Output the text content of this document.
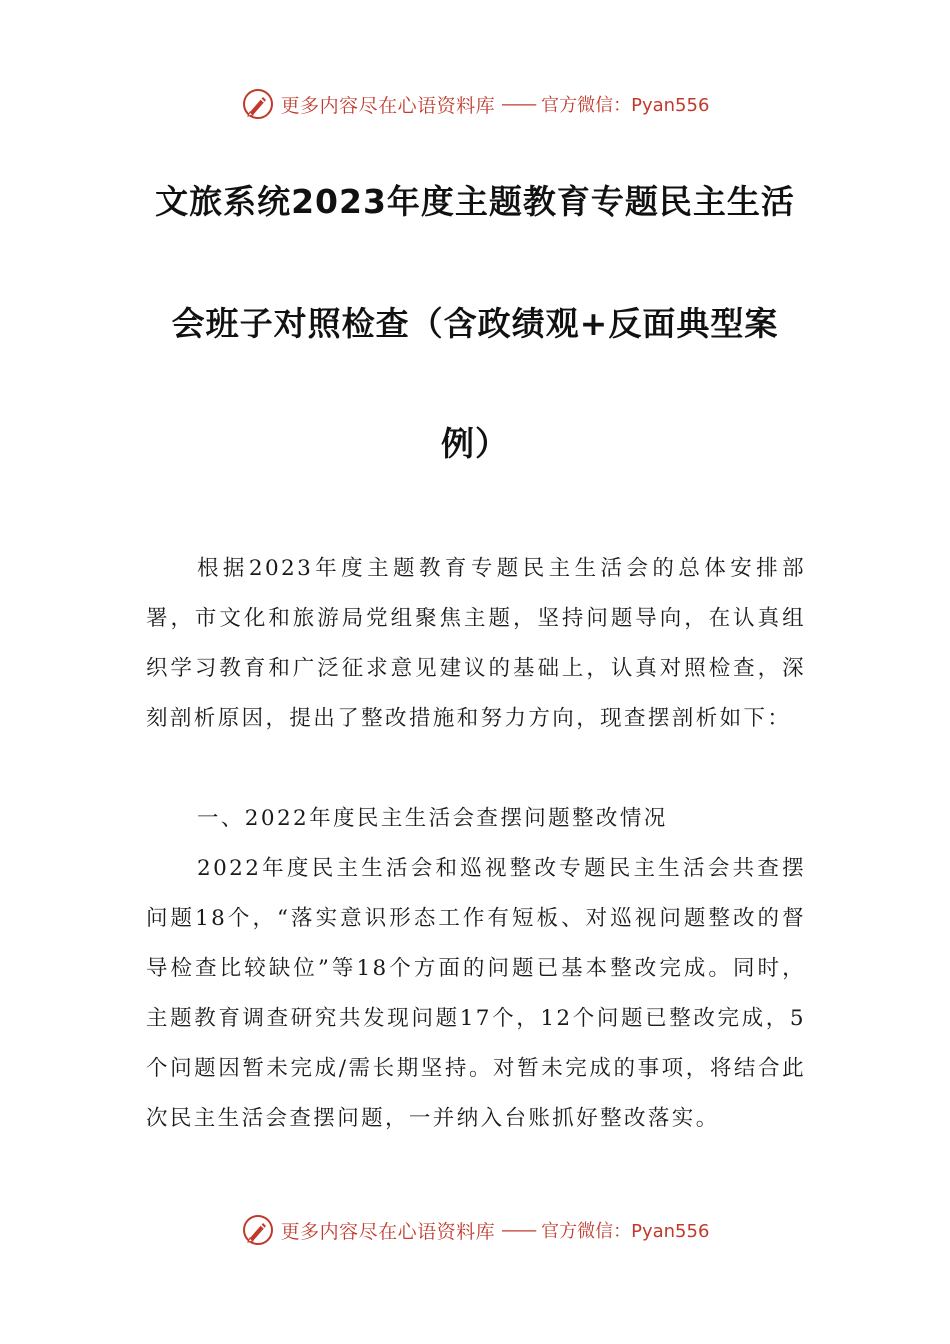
更多内容尽在心语资料库 —— 官方微信：Pyan556
文旅系统2023年度主题教育专题民主生活
会班子对照检查（含政绩观+反面典型案
例）

根据2023年度主题教育专题民主生活会的总体安排部署，市文化和旅游局党组聚焦主题，坚持问题导向，在认真组织学习教育和广泛征求意见建议的基础上，认真对照检查，深刻剖析原因，提出了整改措施和努力方向，现查摆剖析如下：

一、2022年度民主生活会查摆问题整改情况

2022年度民主生活会和巡视整改专题民主生活会共查摆问题18个，“落实意识形态工作有短板、对巡视问题整改的督导检查比较缺位”等18个方面的问题已基本整改完成。同时，主题教育调查研究共发现问题17个，12个问题已整改完成，5个问题因暂未完成/需长期坚持。对暂未完成的事项，将结合此次民主生活会查摆问题，一并纳入台账抓好整改落实。

更多内容尽在心语资料库 —— 官方微信：Pyan556
